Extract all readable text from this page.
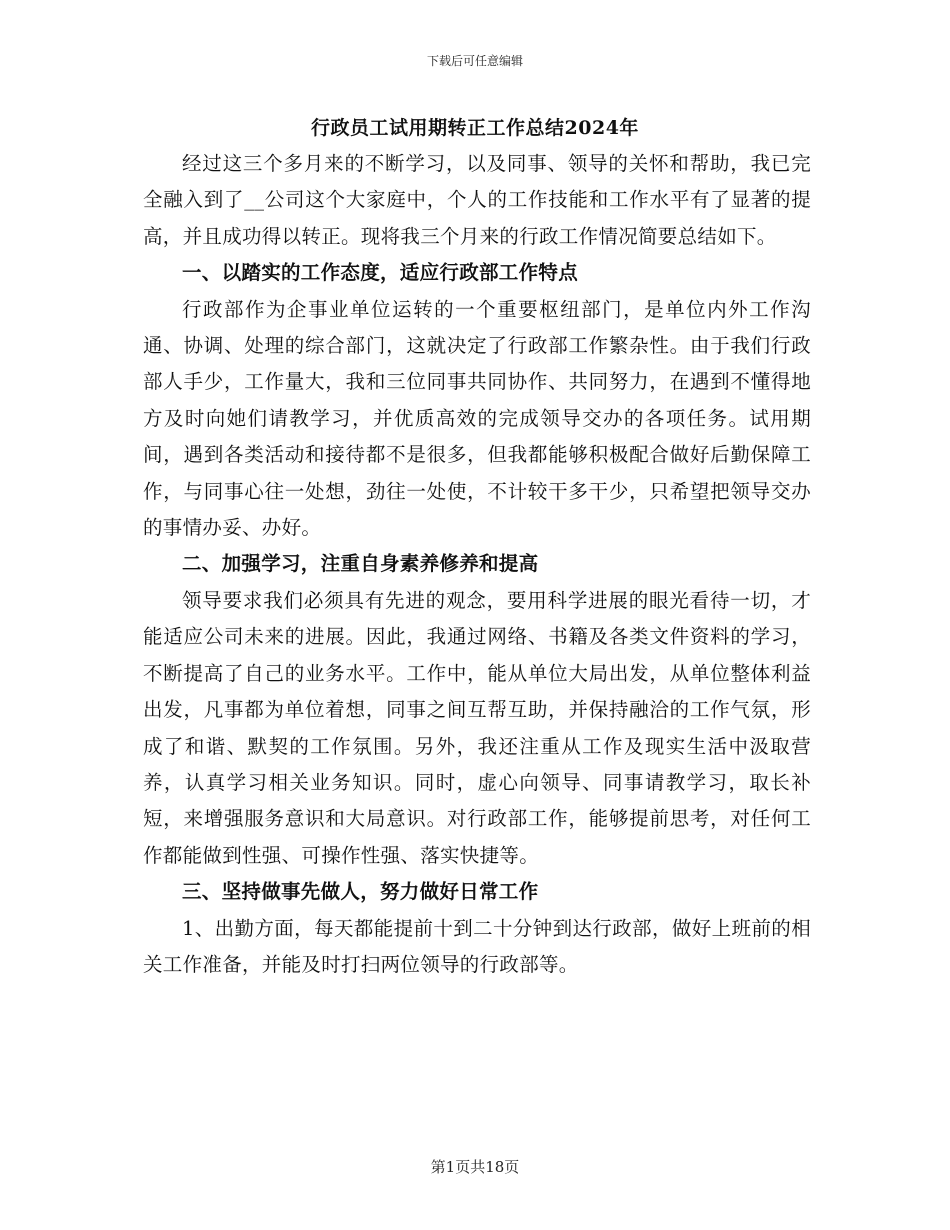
下载后可任意编辑
行政员工试用期转正工作总结2024年

经过这三个多月来的不断学习，以及同事、领导的关怀和帮助，我已完全融入到了__公司这个大家庭中，个人的工作技能和工作水平有了显著的提高，并且成功得以转正。现将我三个月来的行政工作情况简要总结如下。

一、以踏实的工作态度，适应行政部工作特点

行政部作为企事业单位运转的一个重要枢纽部门，是单位内外工作沟通、协调、处理的综合部门，这就决定了行政部工作繁杂性。由于我们行政部人手少，工作量大，我和三位同事共同协作、共同努力，在遇到不懂得地方及时向她们请教学习，并优质高效的完成领导交办的各项任务。试用期间，遇到各类活动和接待都不是很多，但我都能够积极配合做好后勤保障工作，与同事心往一处想，劲往一处使，不计较干多干少，只希望把领导交办的事情办妥、办好。

二、加强学习，注重自身素养修养和提高

领导要求我们必须具有先进的观念，要用科学进展的眼光看待一切，才能适应公司未来的进展。因此，我通过网络、书籍及各类文件资料的学习，不断提高了自己的业务水平。工作中，能从单位大局出发，从单位整体利益出发，凡事都为单位着想，同事之间互帮互助，并保持融洽的工作气氛，形成了和谐、默契的工作氛围。另外，我还注重从工作及现实生活中汲取营养，认真学习相关业务知识。同时，虚心向领导、同事请教学习，取长补短，来增强服务意识和大局意识。对行政部工作，能够提前思考，对任何工作都能做到性强、可操作性强、落实快捷等。

三、坚持做事先做人，努力做好日常工作

1、出勤方面，每天都能提前十到二十分钟到达行政部，做好上班前的相关工作准备，并能及时打扫两位领导的行政部等。

第1页共18页
